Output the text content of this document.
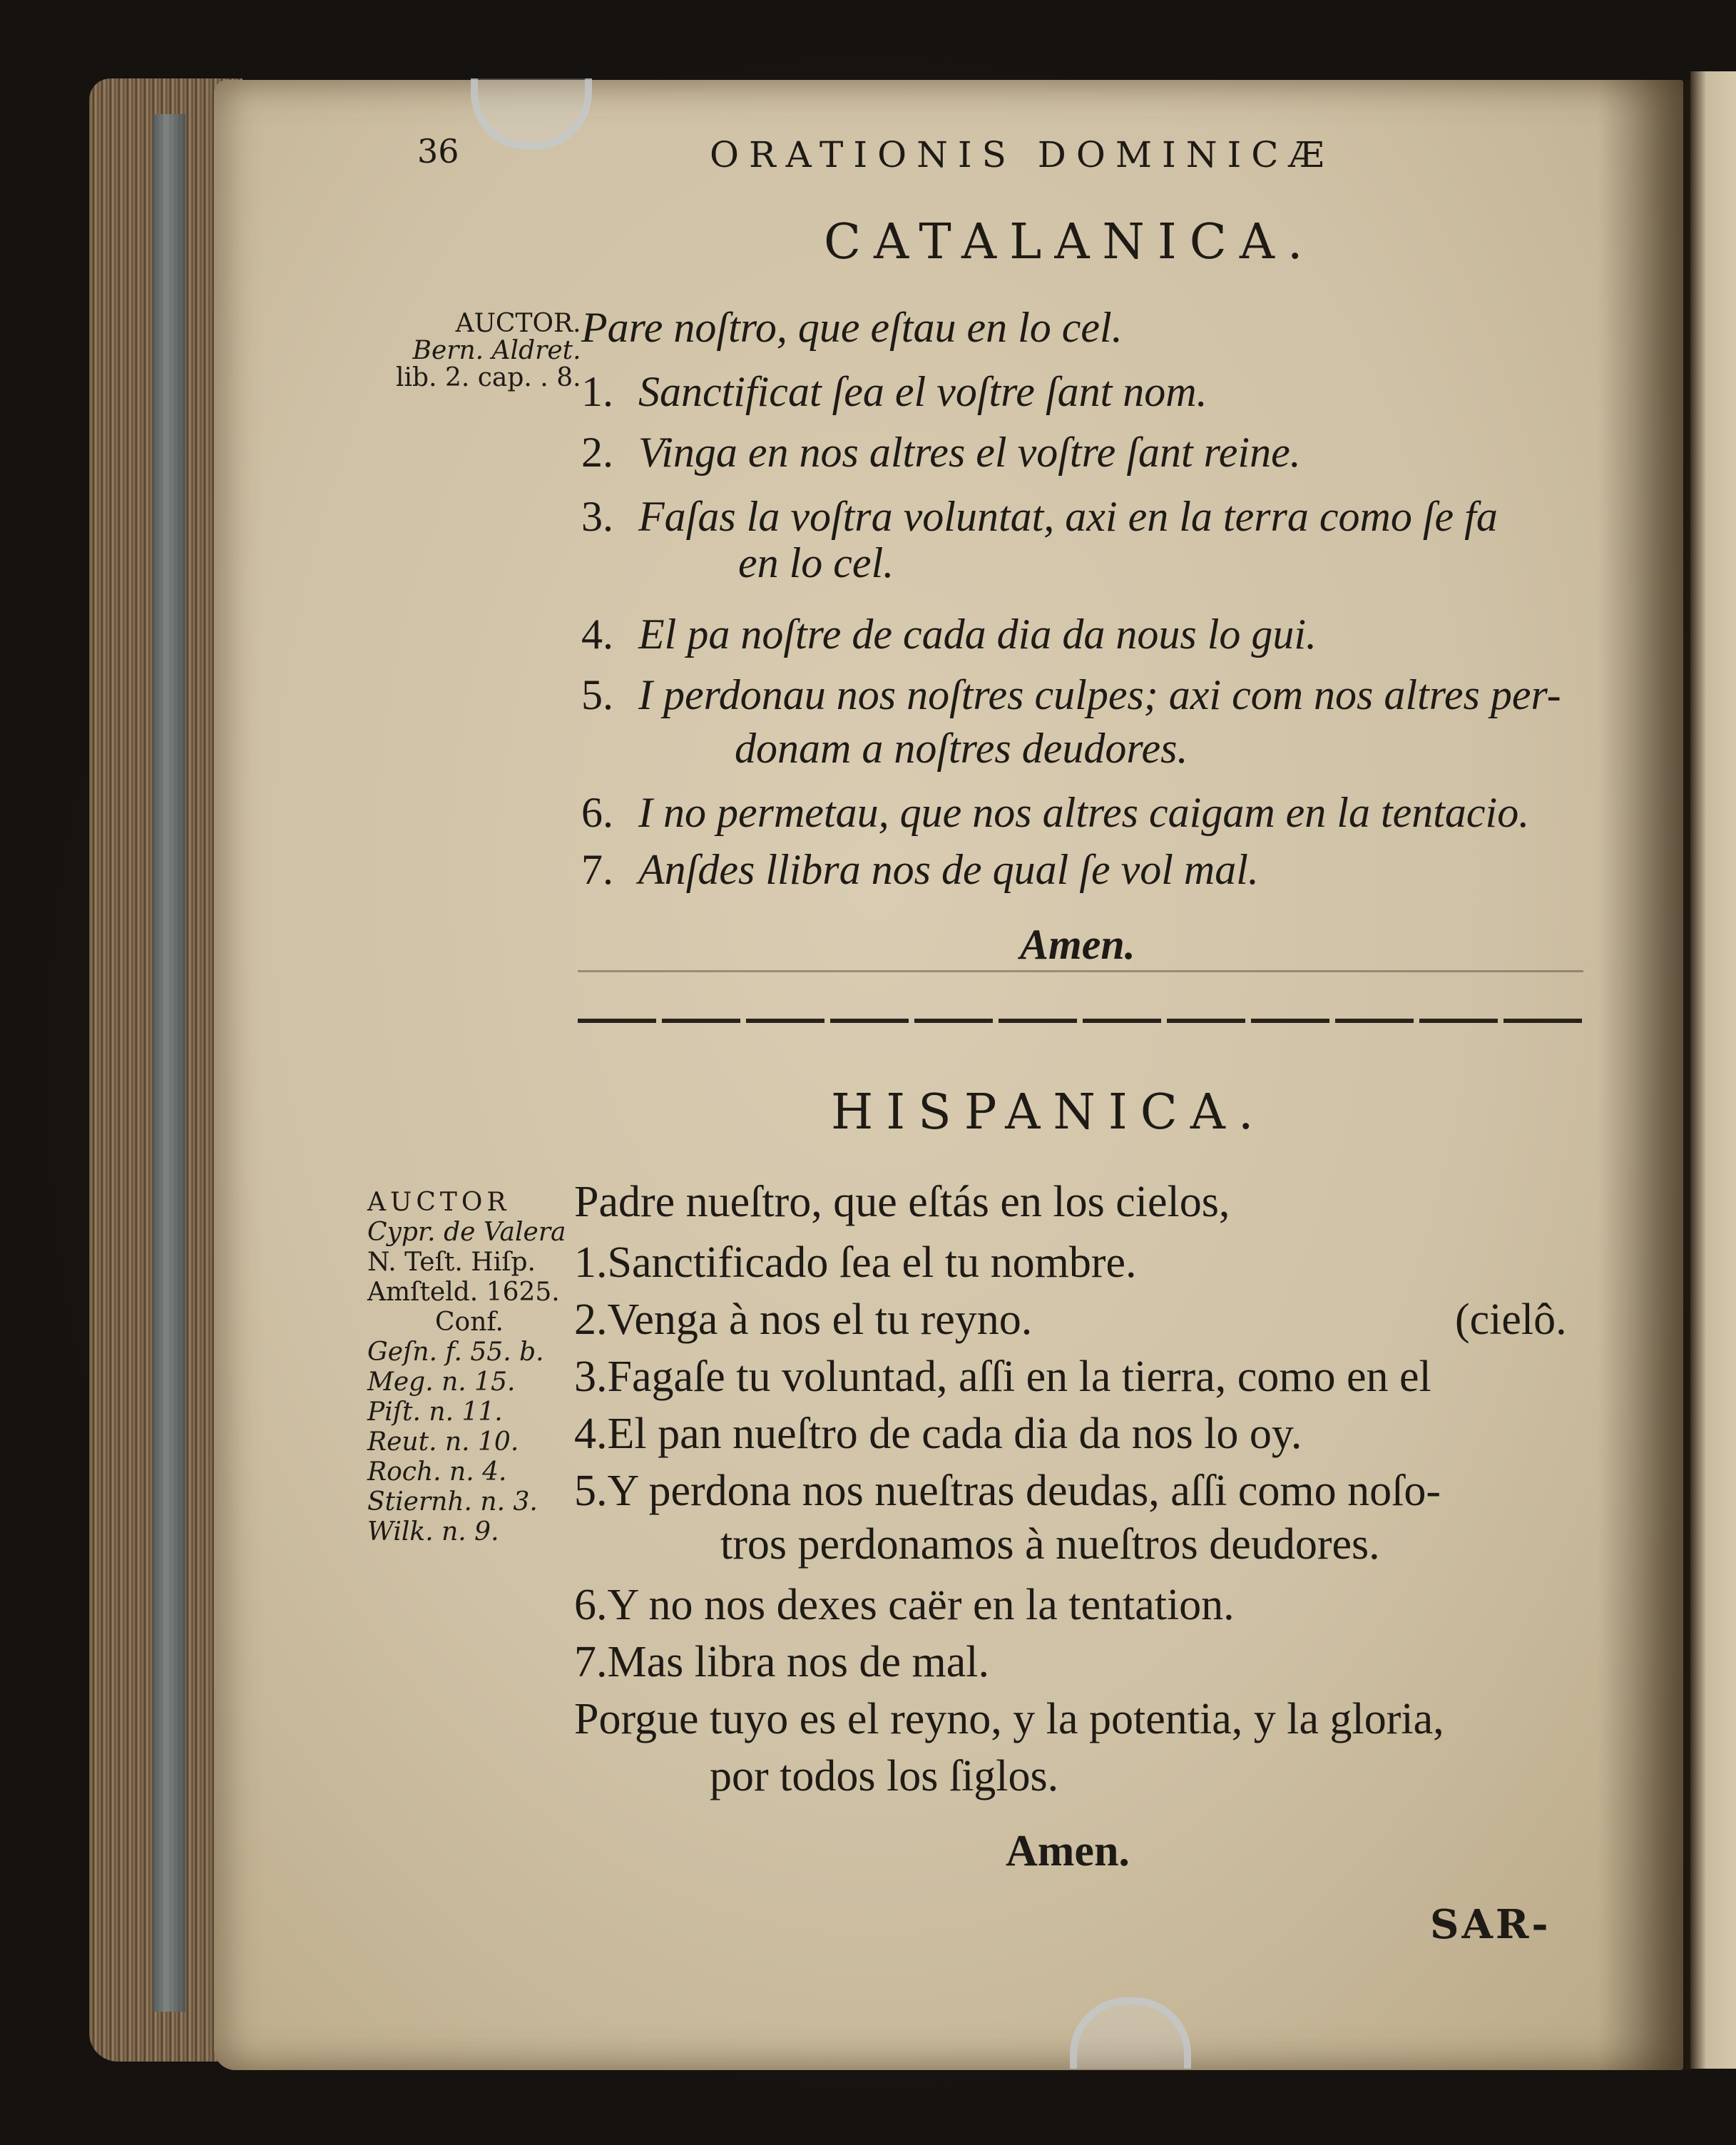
36	ORATIONIS DOMINICÆ
CATALANICA.
AUCTOR.
Bern. Aldret.
lib. 2. cap. . 8.
Pare noſtro, que eſtau en lo cel.
1. Sanctificat ſea el voſtre ſant nom.
2. Vinga en nos altres el voſtre ſant reine.
3. Faſas la voſtra voluntat, axi en la terra como ſe fa
en lo cel.
4. El pa noſtre de cada dia da nous lo gui.
5. I perdonau nos noſtres culpes; axi com nos altres per-
donam a noſtres deudores.
6. I no permetau, que nos altres caigam en la tentacio.
7. Anſdes llibra nos de qual ſe vol mal.
Amen.
HISPANICA.
AUCTOR
Cypr. de Valera
N. Teſt. Hiſp.
Amſteld. 1625.
Conf.
Geſn. f. 55. b.
Meg. n. 15.
Piſt. n. 11.
Reut. n. 10.
Roch. n. 4.
Stiernh. n. 3.
Wilk. n. 9.
Padre nueſtro, que eſtás en los cielos,
1.Sanctificado ſea el tu nombre.
2.Venga à nos el tu reyno.	(cielô.
3.Fagaſe tu voluntad, aſſi en la tierra, como en el
4.El pan nueſtro de cada dia da nos lo oy.
5.Y perdona nos nueſtras deudas, aſſi como noſo-
tros perdonamos à nueſtros deudores.
6.Y no nos dexes caër en la tentation.
7.Mas libra nos de mal.
Porgue tuyo es el reyno, y la potentia, y la gloria,
por todos los ſiglos.
Amen.
SAR-
